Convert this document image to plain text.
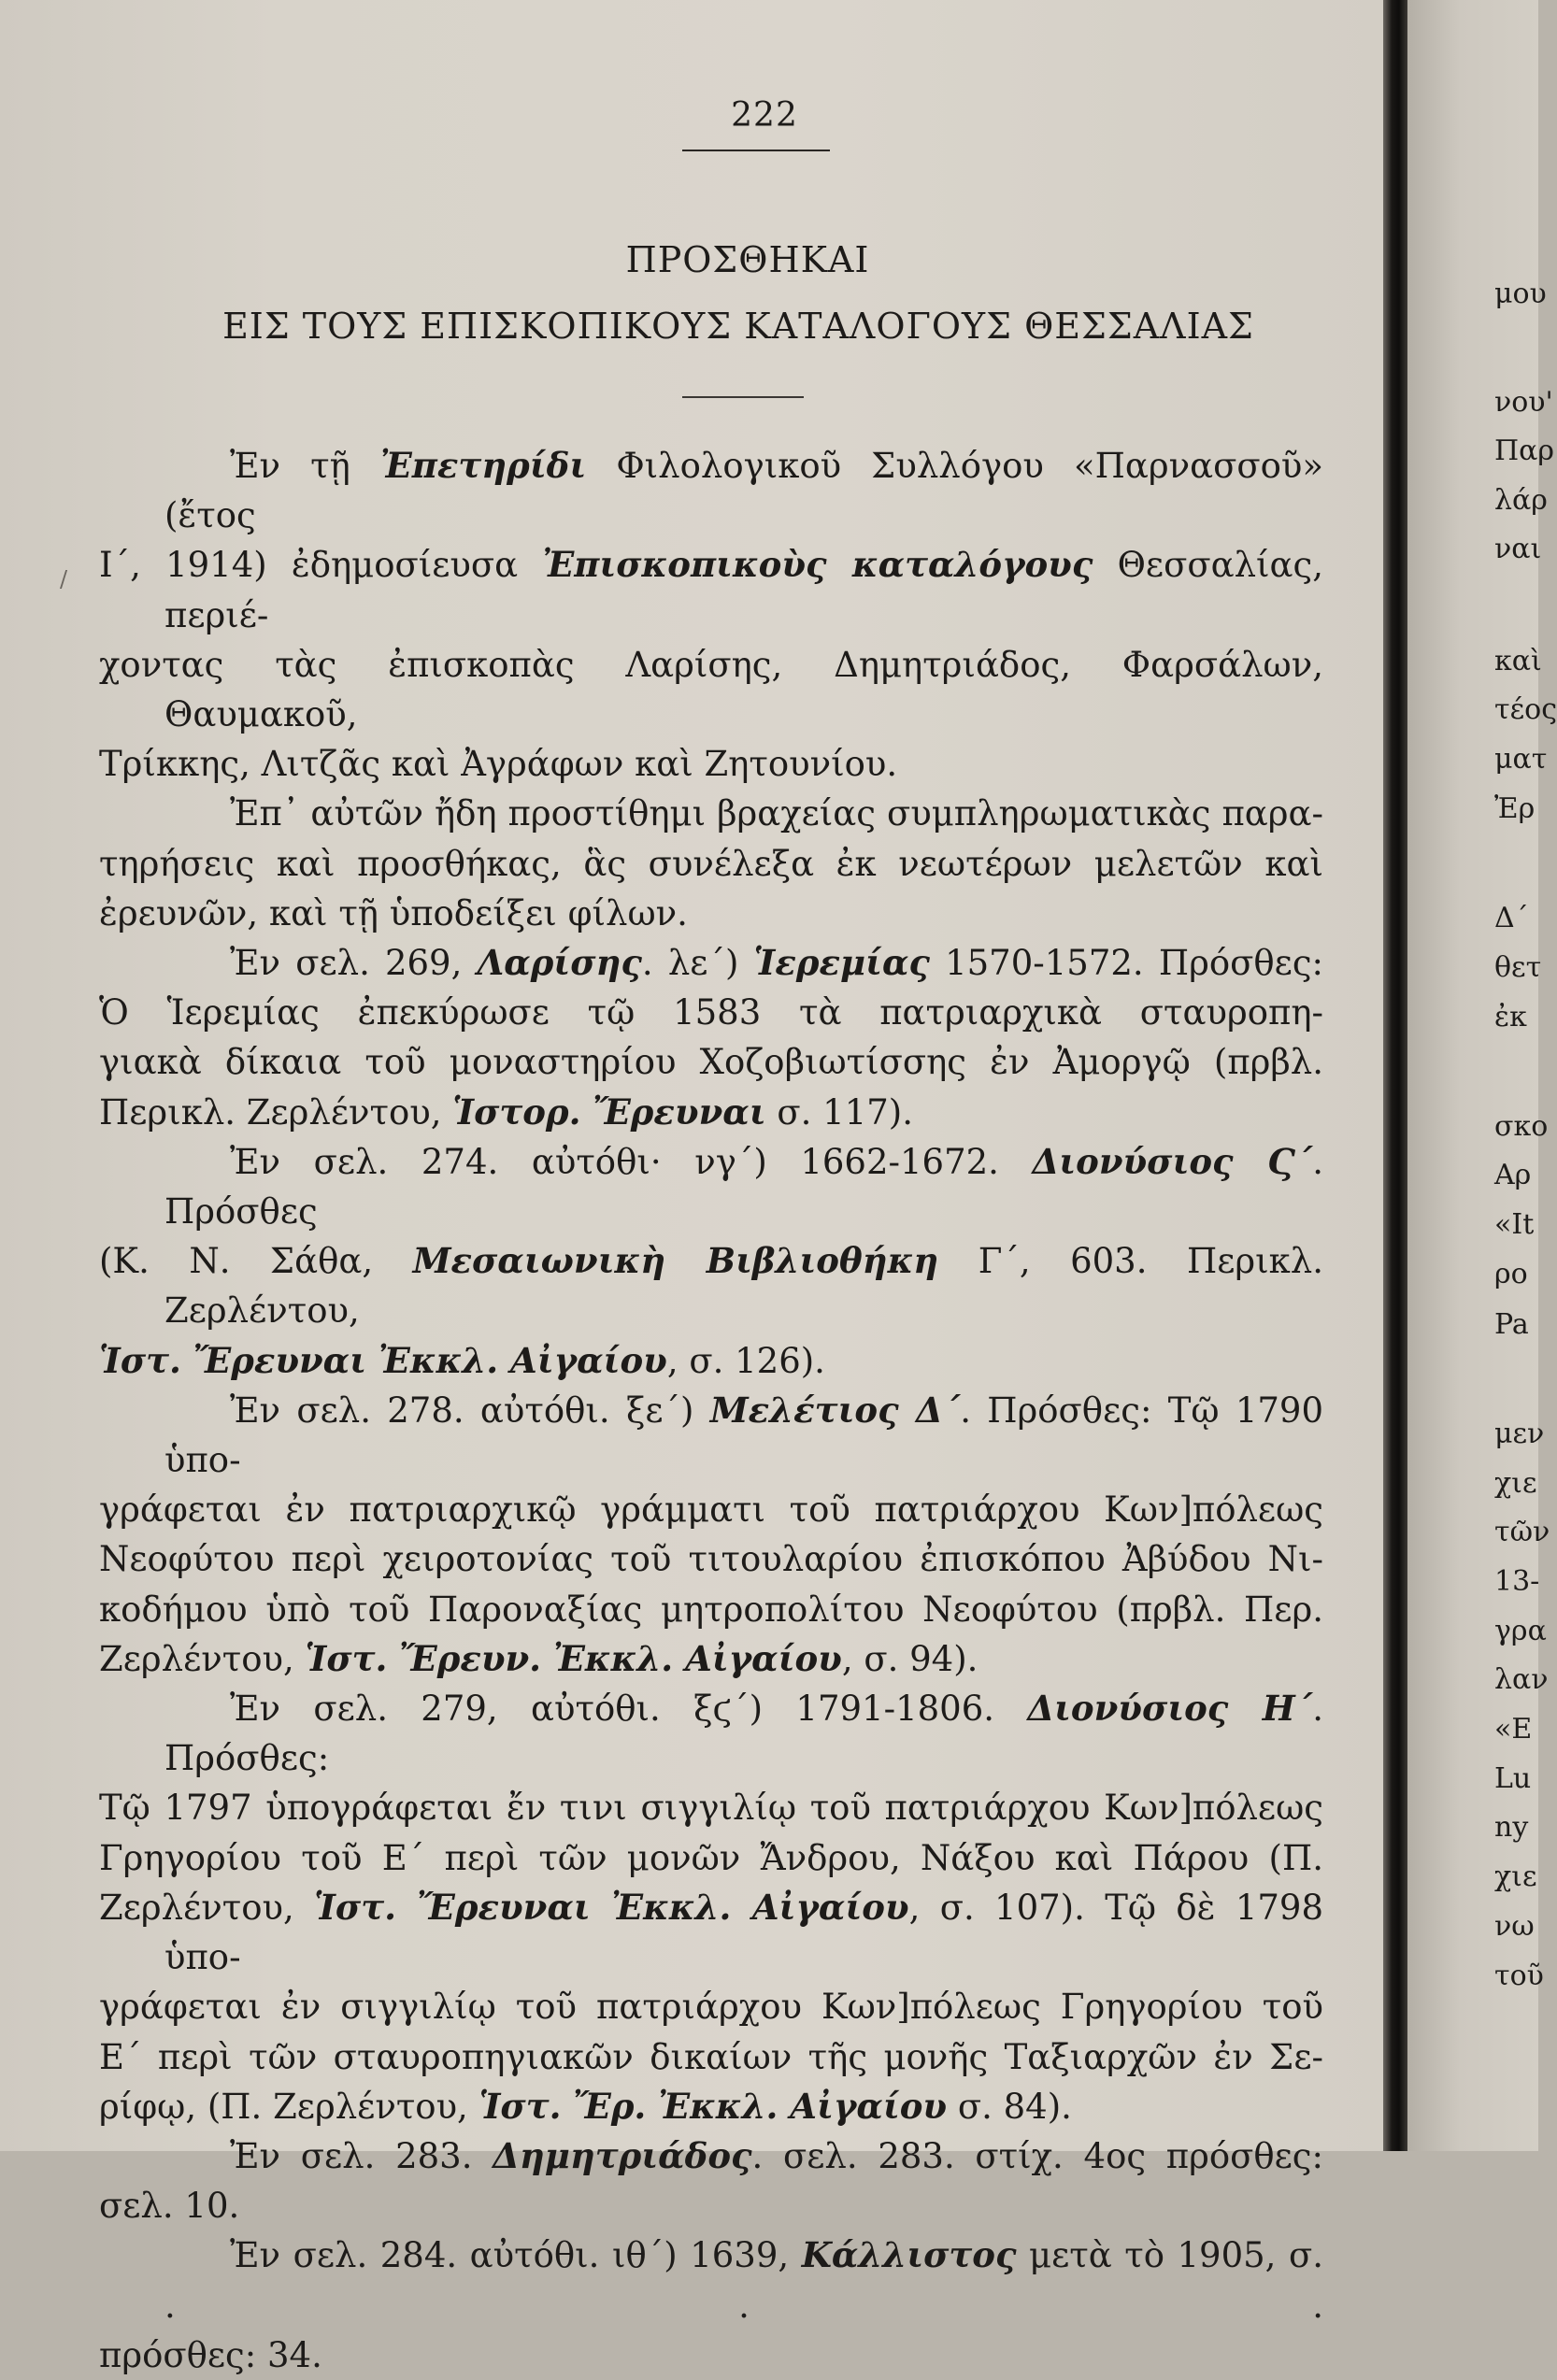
222
ΠΡΟΣΘΗΚΑΙ
ΕΙΣ ΤΟΥΣ ΕΠΙΣΚΟΠΙΚΟΥΣ ΚΑΤΑΛΟΓΟΥΣ ΘΕΣΣΑΛΙΑΣ
/
Ἐν τῇ Ἐπετηρίδι Φιλολογικοῦ Συλλόγου «Παρνασσοῦ» (ἔτος
Ι΄, 1914) ἐδημοσίευσα Ἐπισκοπικοὺς καταλόγους Θεσσαλίας, περιέ-
χοντας τὰς ἐπισκοπὰς Λαρίσης, Δημητριάδος, Φαρσάλων, Θαυμακοῦ,
Τρίκκης, Λιτζᾶς καὶ Ἀγράφων καὶ Ζητουνίου.
Ἐπ᾿ αὐτῶν ἤδη προστίθημι βραχείας συμπληρωματικὰς παρα-
τηρήσεις καὶ προσθήκας, ἃς συνέλεξα ἐκ νεωτέρων μελετῶν καὶ
ἐρευνῶν, καὶ τῇ ὑποδείξει φίλων.
Ἐν σελ. 269, Λαρίσης. λε΄) Ἱερεμίας 1570-1572. Πρόσθες:
Ὁ Ἱερεμίας ἐπεκύρωσε τῷ 1583 τὰ πατριαρχικὰ σταυροπη-
γιακὰ δίκαια τοῦ μοναστηρίου Χοζοβιωτίσσης ἐν Ἀμοργῷ (πρβλ.
Περικλ. Ζερλέντου, Ἱστορ. Ἔρευναι σ. 117).
Ἐν σελ. 274. αὐτόθι· νγ΄) 1662-1672. Διονύσιος Ϛ΄. Πρόσθες
(Κ. Ν. Σάθα, Μεσαιωνικὴ Βιβλιοθήκη Γ΄, 603. Περικλ. Ζερλέντου,
Ἱστ. Ἔρευναι Ἐκκλ. Αἰγαίου, σ. 126).
Ἐν σελ. 278. αὐτόθι. ξε΄) Μελέτιος Δ΄. Πρόσθες: Τῷ 1790 ὑπο-
γράφεται ἐν πατριαρχικῷ γράμματι τοῦ πατριάρχου Κων]πόλεως
Νεοφύτου περὶ χειροτονίας τοῦ τιτουλαρίου ἐπισκόπου Ἀβύδου Νι-
κοδήμου ὑπὸ τοῦ Παροναξίας μητροπολίτου Νεοφύτου (πρβλ. Περ.
Ζερλέντου, Ἱστ. Ἔρευν. Ἐκκλ. Αἰγαίου, σ. 94).
Ἐν σελ. 279, αὐτόθι. ξϛ΄) 1791-1806. Διονύσιος Η΄. Πρόσθες:
Τῷ 1797 ὑπογράφεται ἔν τινι σιγγιλίῳ τοῦ πατριάρχου Κων]πόλεως
Γρηγορίου τοῦ Ε΄ περὶ τῶν μονῶν Ἄνδρου, Νάξου καὶ Πάρου (Π.
Ζερλέντου, Ἱστ. Ἔρευναι Ἐκκλ. Αἰγαίου, σ. 107). Τῷ δὲ 1798 ὑπο-
γράφεται ἐν σιγγιλίῳ τοῦ πατριάρχου Κων]πόλεως Γρηγορίου τοῦ
Ε΄ περὶ τῶν σταυροπηγιακῶν δικαίων τῆς μονῆς Ταξιαρχῶν ἐν Σε-
ρίφῳ, (Π. Ζερλέντου, Ἱστ. Ἔρ. Ἐκκλ. Αἰγαίου σ. 84).
Ἐν σελ. 283. Δημητριάδος. σελ. 283. στίχ. 4ος πρόσθες:
σελ. 10.
Ἐν σελ. 284. αὐτόθι. ιθ΄) 1639, Κάλλιστος μετὰ τὸ 1905, σ. . . .
πρόσθες: 34.
μου
νου'
Παρ
λάρ
ναι
καὶ
τέος
ματ
Ἐρ
Δ΄
θετ
ἐκ
σκο
Αρ
«It
ρο
Pa
μεν
χιε
τῶν
13-
γρα
λαν
«E
Lu
ny
χιε
νω
τοῦ
